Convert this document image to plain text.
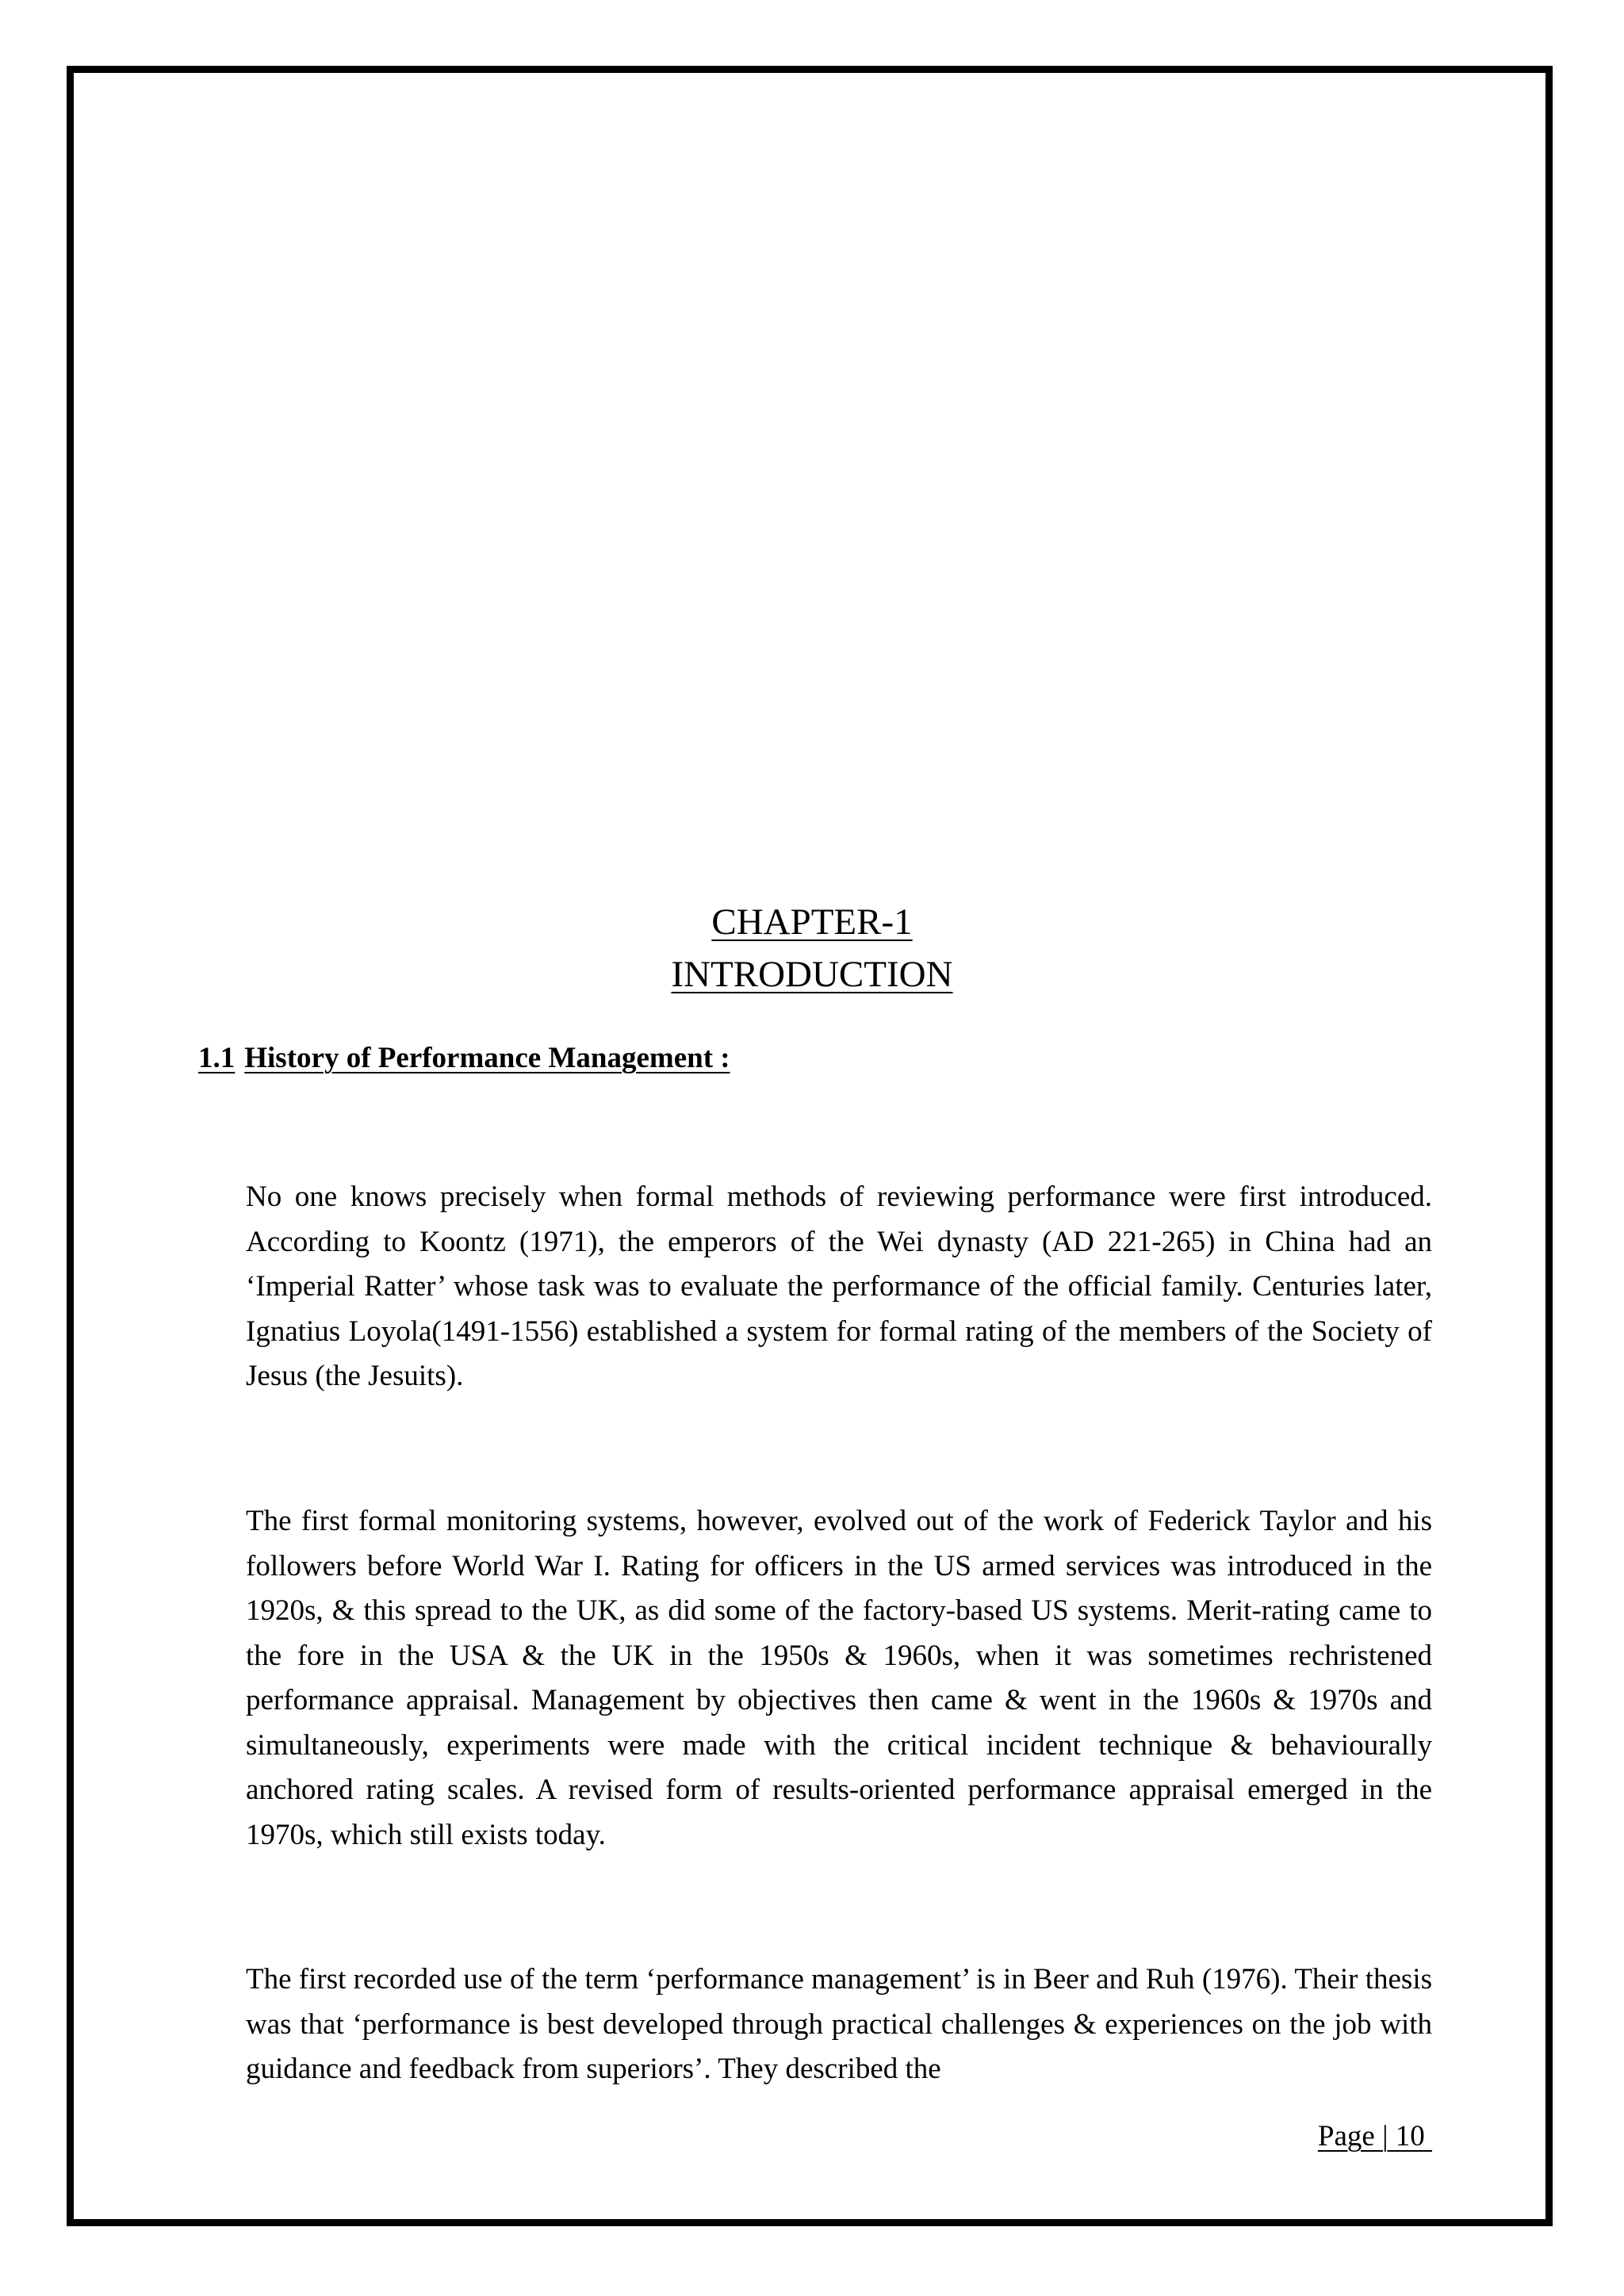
CHAPTER-1
INTRODUCTION
1.1 History of Performance Management :

No one knows precisely when formal methods of reviewing performance were first introduced. According to Koontz (1971), the emperors of the Wei dynasty (AD 221-265) in China had an ‘Imperial Ratter’ whose task was to evaluate the performance of the official family. Centuries later, Ignatius Loyola(1491-1556) established a system for formal rating of the members of the Society of Jesus (the Jesuits).

The first formal monitoring systems, however, evolved out of the work of Federick Taylor and his followers before World War I. Rating for officers in the US armed services was introduced in the 1920s, & this spread to the UK, as did some of the factory-based US systems. Merit-rating came to the fore in the USA & the UK in the 1950s & 1960s, when it was sometimes rechristened performance appraisal. Management by objectives then came & went in the 1960s & 1970s and simultaneously, experiments were made with the critical incident technique & behaviourally anchored rating scales. A revised form of results-oriented performance appraisal emerged in the 1970s, which still exists today.

The first recorded use of the term ‘performance management’ is in Beer and Ruh (1976). Their thesis was that ‘performance is best developed through practical challenges & experiences on the job with guidance and feedback from superiors’. They described the

Page | 10
